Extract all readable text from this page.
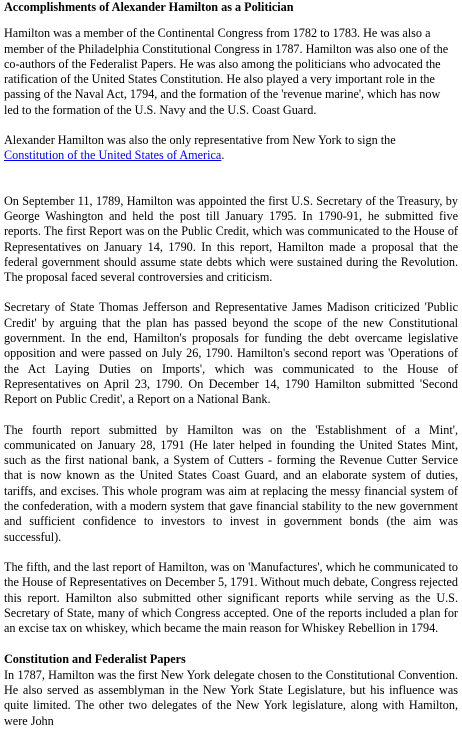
Accomplishments of Alexander Hamilton as a Politician

Hamilton was a member of the Continental Congress from 1782 to 1783. He was also a member of the Philadelphia Constitutional Congress in 1787. Hamilton was also one of the co-authors of the Federalist Papers. He was also among the politicians who advocated the ratification of the United States Constitution. He also played a very important role in the passing of the Naval Act, 1794, and the formation of the 'revenue marine', which has now led to the formation of the U.S. Navy and the U.S. Coast Guard.

Alexander Hamilton was also the only representative from New York to sign the Constitution of the United States of America.

On September 11, 1789, Hamilton was appointed the first U.S. Secretary of the Treasury, by George Washington and held the post till January 1795. In 1790-91, he submitted five reports. The first Report was on the Public Credit, which was communicated to the House of Representatives on January 14, 1790. In this report, Hamilton made a proposal that the federal government should assume state debts which were sustained during the Revolution. The proposal faced several controversies and criticism.

Secretary of State Thomas Jefferson and Representative James Madison criticized 'Public Credit' by arguing that the plan has passed beyond the scope of the new Constitutional government. In the end, Hamilton's proposals for funding the debt overcame legislative opposition and were passed on July 26, 1790. Hamilton's second report was 'Operations of the Act Laying Duties on Imports', which was communicated to the House of Representatives on April 23, 1790. On December 14, 1790 Hamilton submitted 'Second Report on Public Credit', a Report on a National Bank.

The fourth report submitted by Hamilton was on the 'Establishment of a Mint', communicated on January 28, 1791 (He later helped in founding the United States Mint, such as the first national bank, a System of Cutters - forming the Revenue Cutter Service that is now known as the United States Coast Guard, and an elaborate system of duties, tariffs, and excises. This whole program was aim at replacing the messy financial system of the confederation, with a modern system that gave financial stability to the new government and sufficient confidence to investors to invest in government bonds (the aim was successful).

The fifth, and the last report of Hamilton, was on 'Manufactures', which he communicated to the House of Representatives on December 5, 1791. Without much debate, Congress rejected this report. Hamilton also submitted other significant reports while serving as the U.S. Secretary of State, many of which Congress accepted. One of the reports included a plan for an excise tax on whiskey, which became the main reason for Whiskey Rebellion in 1794.

Constitution and Federalist Papers

In 1787, Hamilton was the first New York delegate chosen to the Constitutional Convention. He also served as assemblyman in the New York State Legislature, but his influence was quite limited. The other two delegates of the New York legislature, along with Hamilton, were John
